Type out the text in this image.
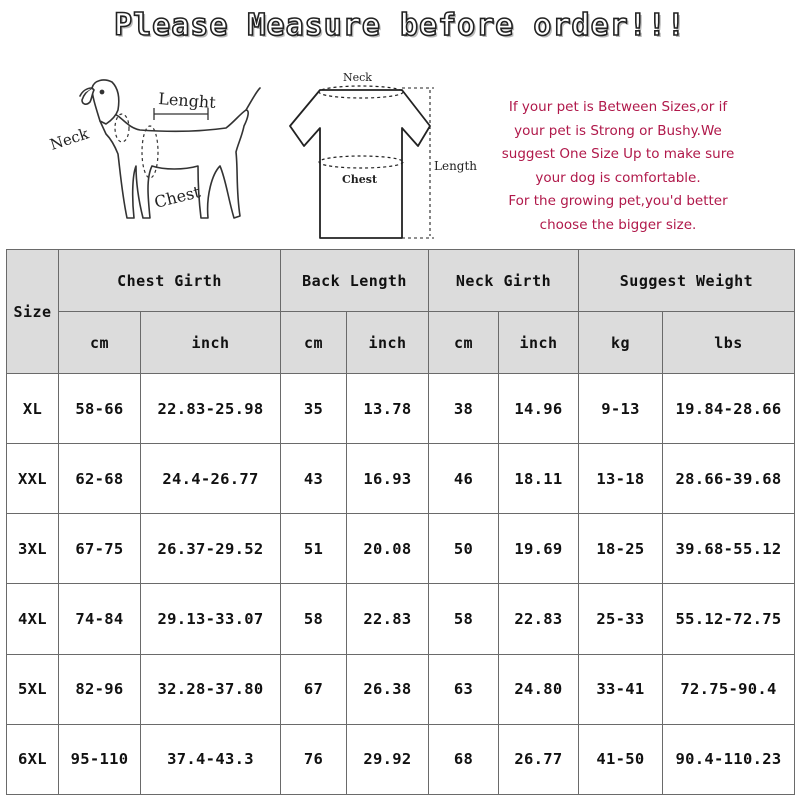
Please Measure before order!!!
Neck
Lenght
Chest
Neck
Chest
Length
If your pet is Between Sizes,or if
your pet is Strong or Bushy.We
suggest One Size Up to make sure
your dog is comfortable.
For the growing pet,you'd better
choose the bigger size.
Size	Chest Girth		Back Length		Neck Girth		Suggest Weight	
	cm	inch	cm	inch	cm	inch	kg	lbs
XL	58-66	22.83-25.98	35	13.78	38	14.96	9-13	19.84-28.66
XXL	62-68	24.4-26.77	43	16.93	46	18.11	13-18	28.66-39.68
3XL	67-75	26.37-29.52	51	20.08	50	19.69	18-25	39.68-55.12
4XL	74-84	29.13-33.07	58	22.83	58	22.83	25-33	55.12-72.75
5XL	82-96	32.28-37.80	67	26.38	63	24.80	33-41	72.75-90.4
6XL	95-110	37.4-43.3	76	29.92	68	26.77	41-50	90.4-110.23
